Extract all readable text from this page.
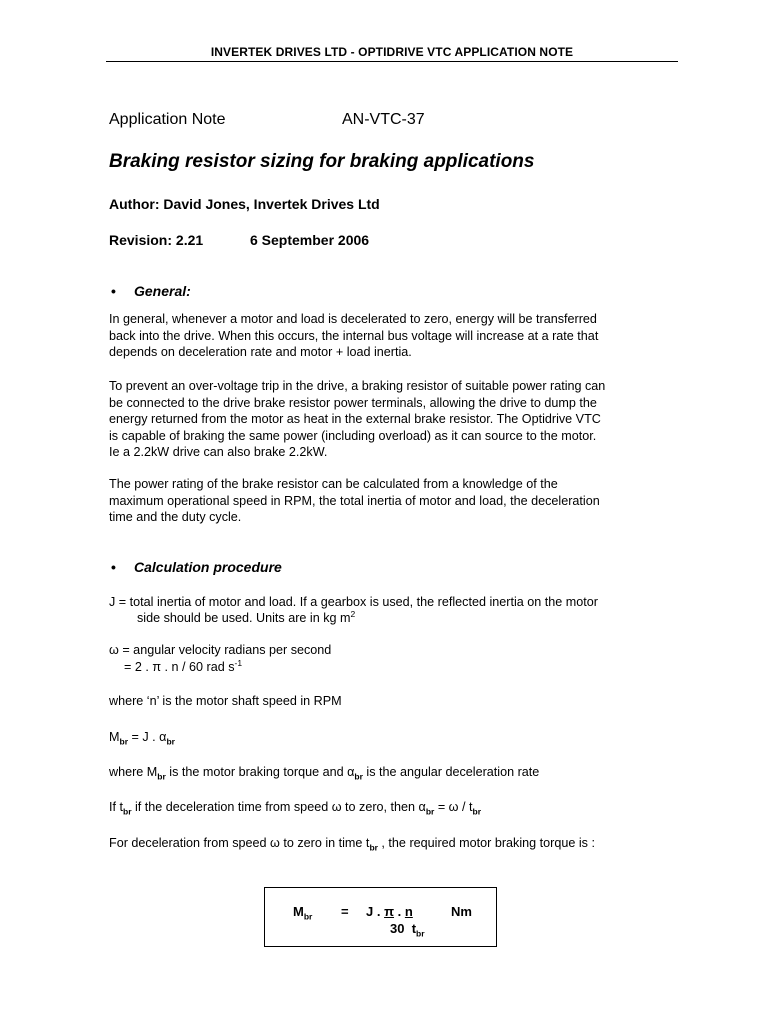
INVERTEK DRIVES LTD - OPTIDRIVE VTC APPLICATION NOTE
Application Note	AN-VTC-37
Braking resistor sizing for braking applications
Author: David Jones, Invertek Drives Ltd
Revision: 2.21	6 September 2006
• General:
In general, whenever a motor and load is decelerated to zero, energy will be transferred
back into the drive. When this occurs, the internal bus voltage will increase at a rate that
depends on deceleration rate and motor + load inertia.
To prevent an over-voltage trip in the drive, a braking resistor of suitable power rating can
be connected to the drive brake resistor power terminals, allowing the drive to dump the
energy returned from the motor as heat in the external brake resistor. The Optidrive VTC
is capable of braking the same power (including overload) as it can source to the motor.
Ie a 2.2kW drive can also brake 2.2kW.
The power rating of the brake resistor can be calculated from a knowledge of the
maximum operational speed in RPM, the total inertia of motor and load, the deceleration
time and the duty cycle.
• Calculation procedure
J = total inertia of motor and load. If a gearbox is used, the reflected inertia on the motor
side should be used. Units are in kg $m^2$
ω = angular velocity radians per second
= 2 . π . n / 60 rad $s^{-1}$
where ‘n’ is the motor shaft speed in RPM
$M_{br} = J$ . $\alpha_{br}$
where $M_{br}$ is the motor braking torque and $\alpha_{br}$ is the angular deceleration rate
If $t_{br}$ if the deceleration time from speed ω to zero, then $\alpha_{br} = \omega / t_{br}$
For deceleration from speed ω to zero in time $t_{br}$ , the required motor braking torque is :
$M_{br} = J$ . π . n	Nm
30 $t_{br}$
